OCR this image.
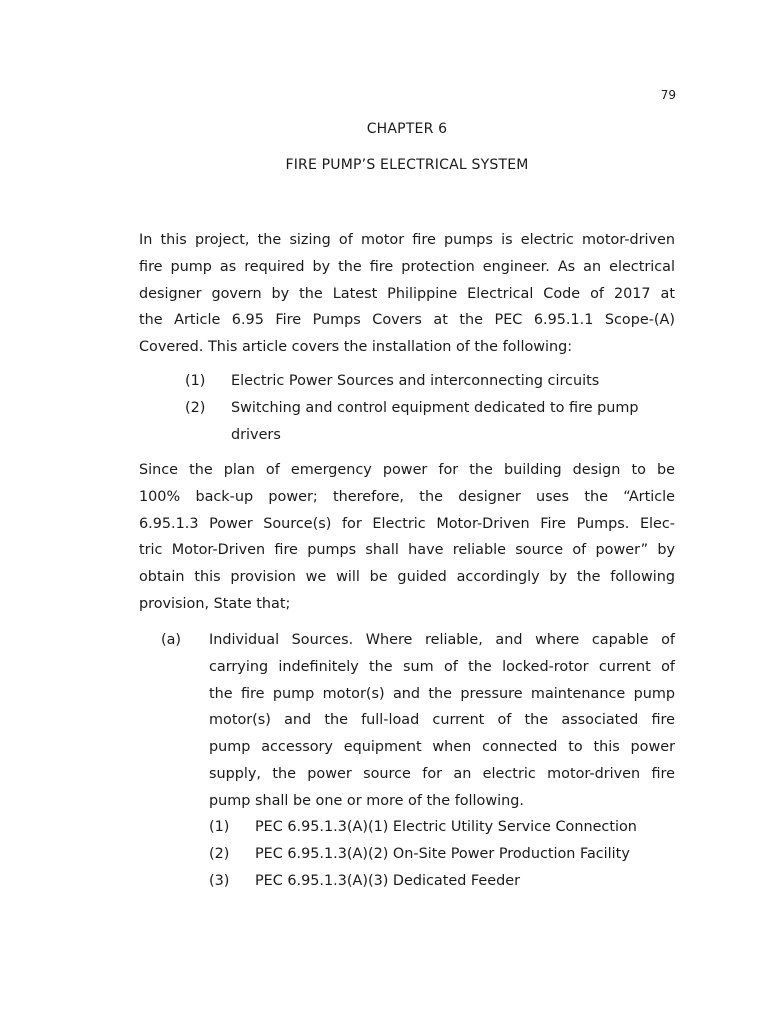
79
CHAPTER 6
FIRE PUMP’S ELECTRICAL SYSTEM
In this project, the sizing of motor fire pumps is electric motor-driven
fire pump as required by the fire protection engineer. As an electrical
designer govern by the Latest Philippine Electrical Code of 2017 at
the Article 6.95 Fire Pumps Covers at the PEC 6.95.1.1 Scope-(A)
Covered. This article covers the installation of the following:
(1) Electric Power Sources and interconnecting circuits
(2) Switching and control equipment dedicated to fire pump
drivers
Since the plan of emergency power for the building design to be
100% back-up power; therefore, the designer uses the “Article
6.95.1.3 Power Source(s) for Electric Motor-Driven Fire Pumps. Elec-
tric Motor-Driven fire pumps shall have reliable source of power” by
obtain this provision we will be guided accordingly by the following
provision, State that;
(a) Individual Sources. Where reliable, and where capable of
carrying indefinitely the sum of the locked-rotor current of
the fire pump motor(s) and the pressure maintenance pump
motor(s) and the full-load current of the associated fire
pump accessory equipment when connected to this power
supply, the power source for an electric motor-driven fire
pump shall be one or more of the following.
(1) PEC 6.95.1.3(A)(1) Electric Utility Service Connection
(2) PEC 6.95.1.3(A)(2) On-Site Power Production Facility
(3) PEC 6.95.1.3(A)(3) Dedicated Feeder
